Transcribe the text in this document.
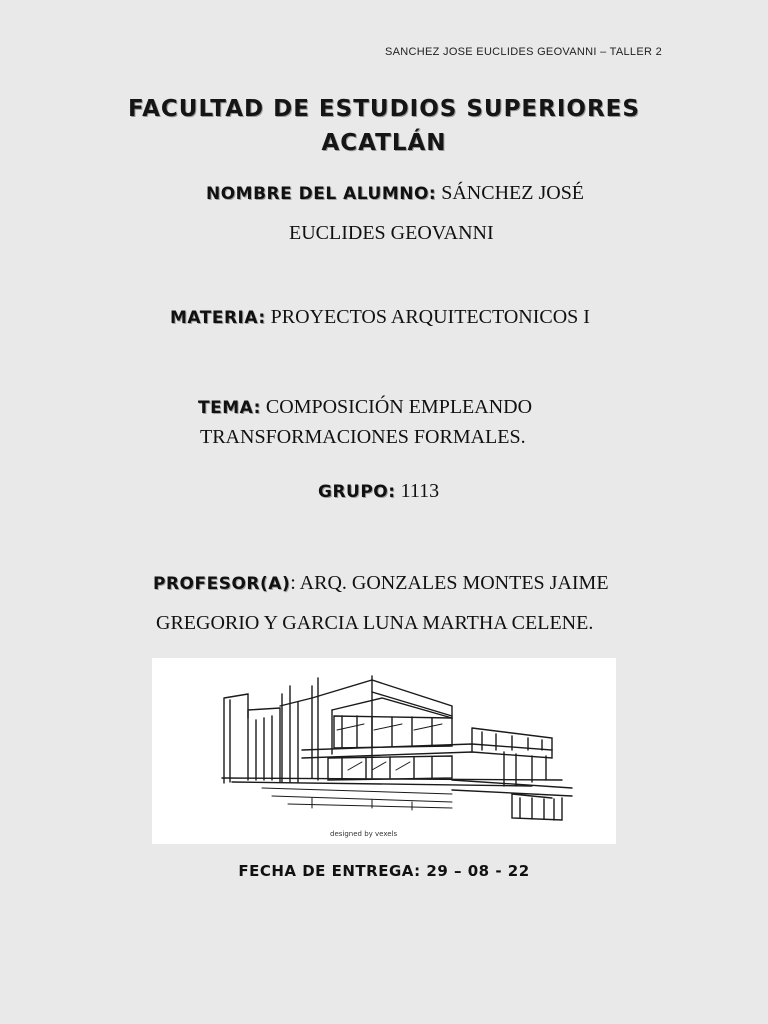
SANCHEZ JOSE EUCLIDES GEOVANNI – TALLER 2
FACULTAD DE ESTUDIOS SUPERIORES
ACATLÁN
NOMBRE DEL ALUMNO: SÁNCHEZ JOSÉ
EUCLIDES GEOVANNI
MATERIA: PROYECTOS ARQUITECTONICOS I
TEMA: COMPOSICIÓN EMPLEANDO
TRANSFORMACIONES FORMALES.
GRUPO: 1113
PROFESOR(A): ARQ. GONZALES MONTES JAIME
GREGORIO Y GARCIA LUNA MARTHA CELENE.
designed by vexels
FECHA DE ENTREGA: 29 – 08 - 22
